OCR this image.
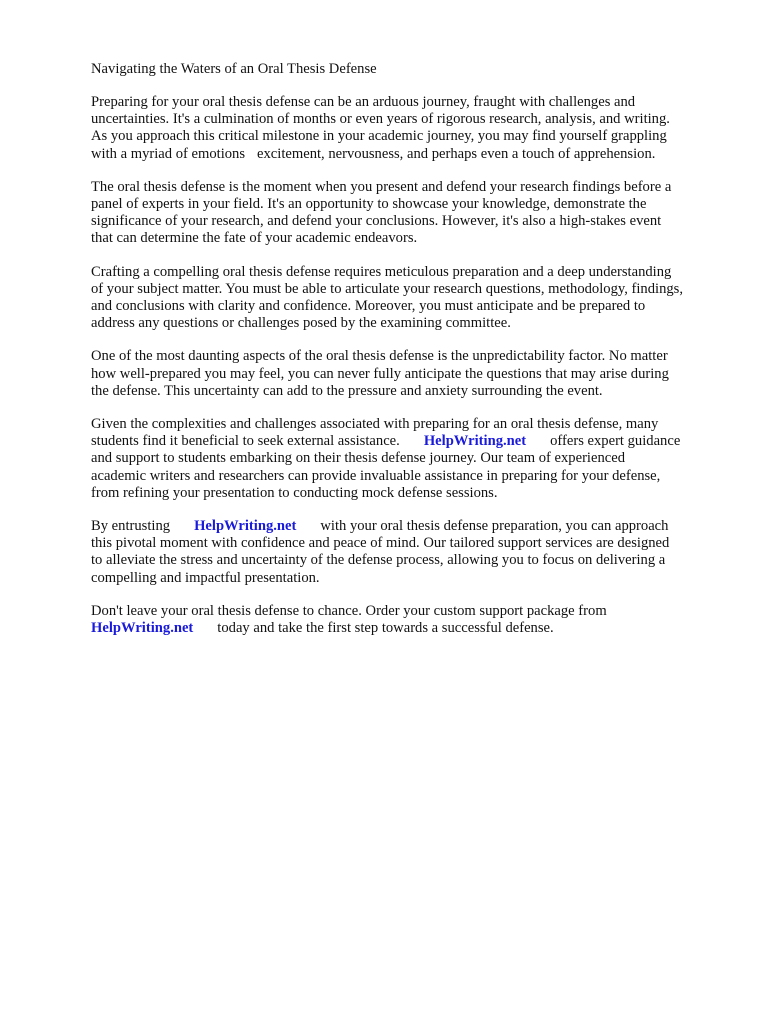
Navigating the Waters of an Oral Thesis Defense
Preparing for your oral thesis defense can be an arduous journey, fraught with challenges and
uncertainties. It's a culmination of months or even years of rigorous research, analysis, and writing.
As you approach this critical milestone in your academic journey, you may find yourself grappling
with a myriad of emotions excitement, nervousness, and perhaps even a touch of apprehension.
The oral thesis defense is the moment when you present and defend your research findings before a
panel of experts in your field. It's an opportunity to showcase your knowledge, demonstrate the
significance of your research, and defend your conclusions. However, it's also a high-stakes event
that can determine the fate of your academic endeavors.
Crafting a compelling oral thesis defense requires meticulous preparation and a deep understanding
of your subject matter. You must be able to articulate your research questions, methodology, findings,
and conclusions with clarity and confidence. Moreover, you must anticipate and be prepared to
address any questions or challenges posed by the examining committee.
One of the most daunting aspects of the oral thesis defense is the unpredictability factor. No matter
how well-prepared you may feel, you can never fully anticipate the questions that may arise during
the defense. This uncertainty can add to the pressure and anxiety surrounding the event.
Given the complexities and challenges associated with preparing for an oral thesis defense, many
students find it beneficial to seek external assistance. HelpWriting.net offers expert guidance
and support to students embarking on their thesis defense journey. Our team of experienced
academic writers and researchers can provide invaluable assistance in preparing for your defense,
from refining your presentation to conducting mock defense sessions.
By entrusting HelpWriting.net with your oral thesis defense preparation, you can approach
this pivotal moment with confidence and peace of mind. Our tailored support services are designed
to alleviate the stress and uncertainty of the defense process, allowing you to focus on delivering a
compelling and impactful presentation.
Don't leave your oral thesis defense to chance. Order your custom support package from
HelpWriting.net today and take the first step towards a successful defense.
